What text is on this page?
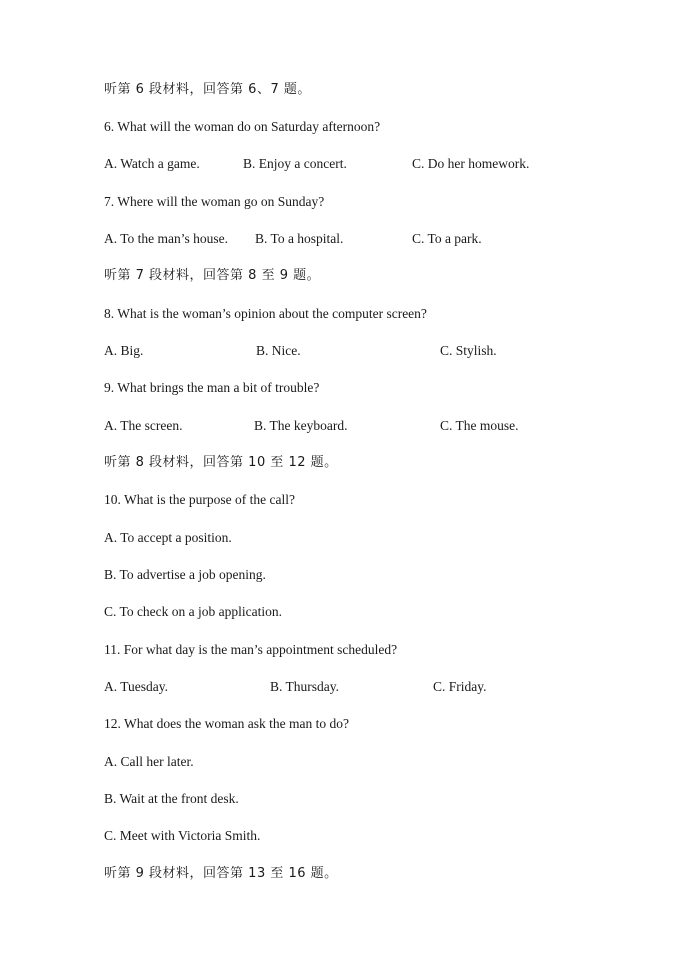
听第 6 段材料，回答第 6、7 题。
6. What will the woman do on Saturday afternoon?
A. Watch a game.	B. Enjoy a concert.	C. Do her homework.
7. Where will the woman go on Sunday?
A. To the man’s house. B. To a hospital.	C. To a park.
听第 7 段材料，回答第 8 至 9 题。
8. What is the woman’s opinion about the computer screen?
A. Big.	B. Nice.	C. Stylish.
9. What brings the man a bit of trouble?
A. The screen.	B. The keyboard.	C. The mouse.
听第 8 段材料，回答第 10 至 12 题。
10. What is the purpose of the call?
A. To accept a position.
B. To advertise a job opening.
C. To check on a job application.
11. For what day is the man’s appointment scheduled?
A. Tuesday.	B. Thursday.	C. Friday.
12. What does the woman ask the man to do?
A. Call her later.
B. Wait at the front desk.
C. Meet with Victoria Smith.
听第 9 段材料，回答第 13 至 16 题。
